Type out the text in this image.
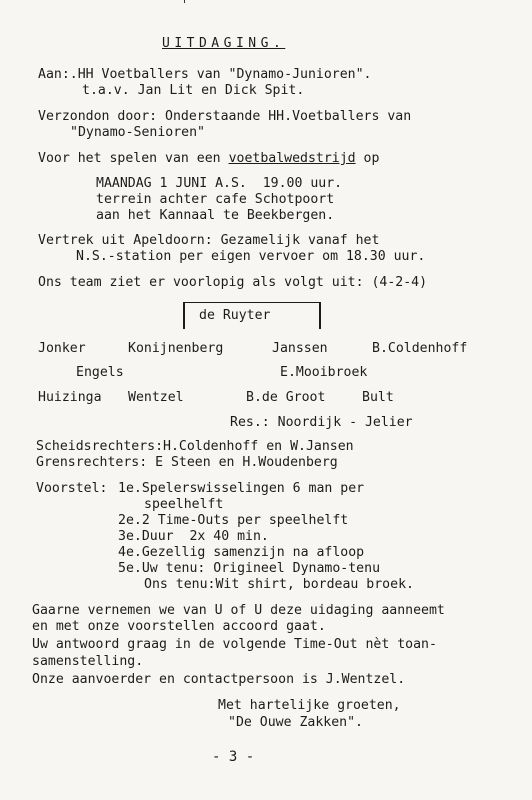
UITDAGING.
Aan:.HH Voetballers van "Dynamo-Junioren".
t.a.v. Jan Lit en Dick Spit.
Verzondon door: Onderstaande HH.Voetballers van
"Dynamo-Senioren"
Voor het spelen van een voetbalwedstrijd op
MAANDAG 1 JUNI A.S.  19.00 uur.
terrein achter cafe Schotpoort
aan het Kannaal te Beekbergen.
Vertrek uit Apeldoorn: Gezamelijk vanaf het
N.S.-station per eigen vervoer om 18.30 uur.
Ons team ziet er voorlopig als volgt uit: (4-2-4)
de Ruyter
Jonker	Konijnenberg	Janssen	B.Coldenhoff
Engels	E.Mooibroek
Huizinga Wentzel	B.de Groot	Bult
Res.: Noordijk - Jelier
Scheidsrechters:H.Coldenhoff en W.Jansen
Grensrechters: E Steen en H.Woudenberg
Voorstel: 1e.Spelerswisselingen 6 man per
speelhelft
2e.2 Time-Outs per speelhelft
3e.Duur  2x 40 min.
4e.Gezellig samenzijn na afloop
5e.Uw tenu: Origineel Dynamo-tenu
Ons tenu:Wit shirt, bordeau broek.
Gaarne vernemen we van U of U deze uidaging aanneemt
en met onze voorstellen accoord gaat.
Uw antwoord graag in de volgende Time-Out nèt toan-
samenstelling.
Onze aanvoerder en contactpersoon is J.Wentzel.
Met hartelijke groeten,
"De Ouwe Zakken".
- 3 -
